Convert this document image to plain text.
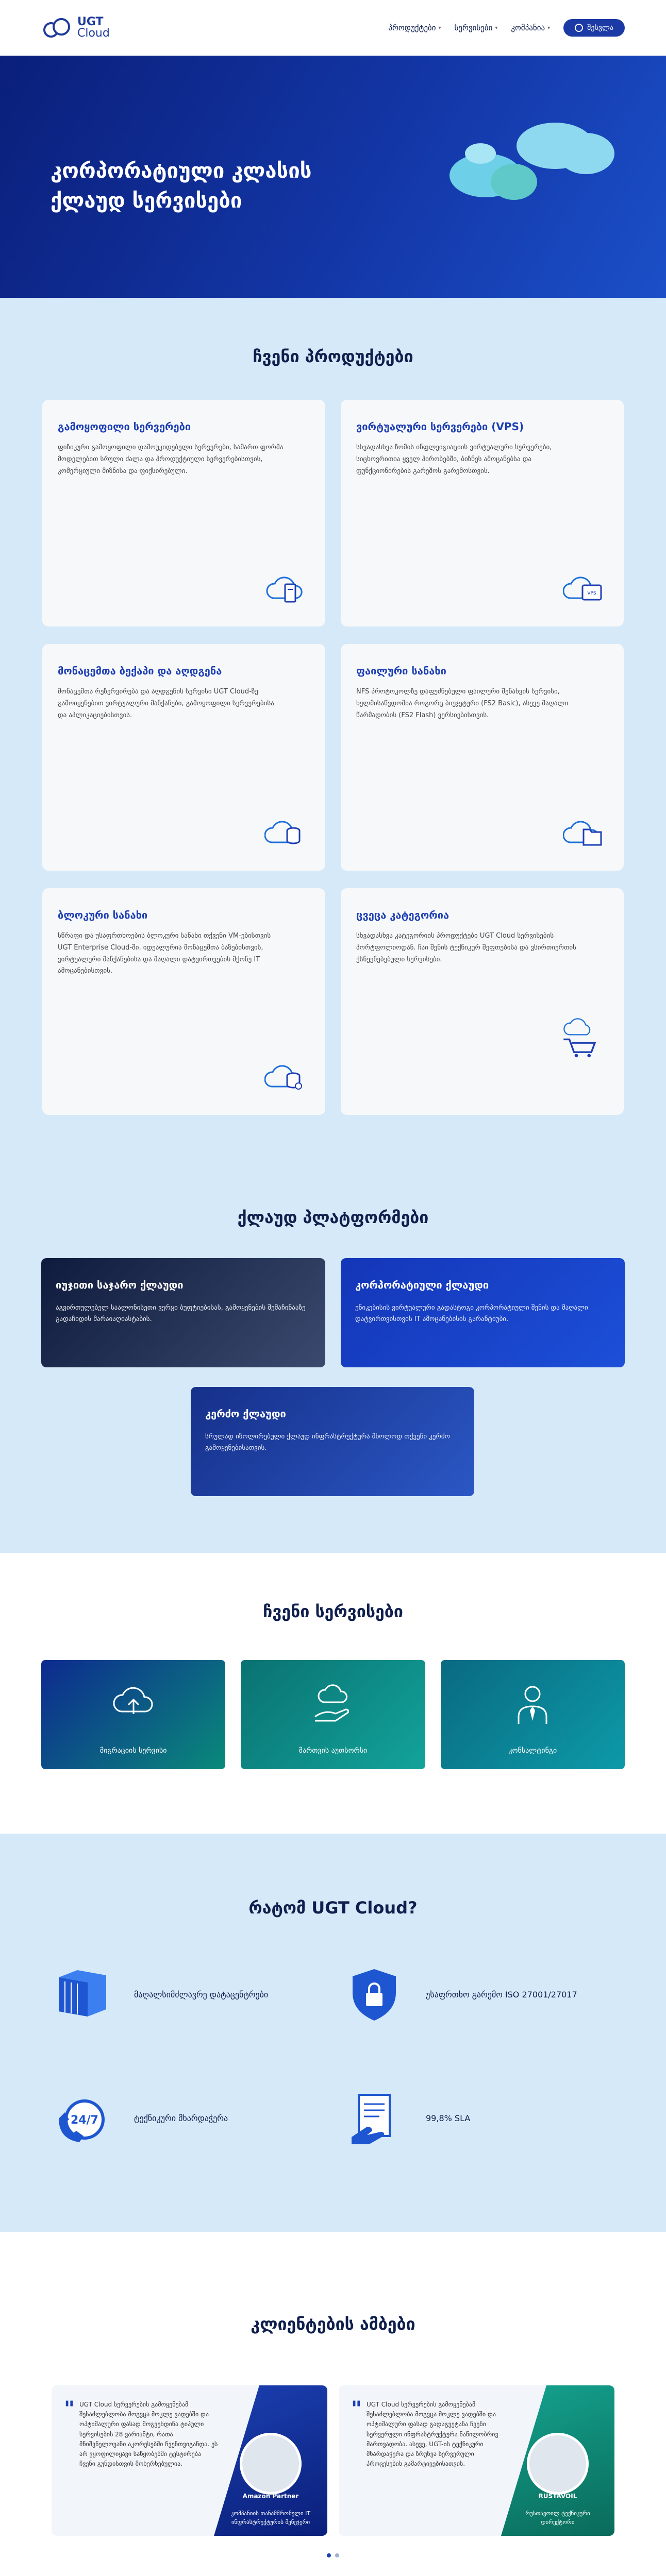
UGT
Cloud	პროდუქტები ▾ სერვისები ▾ კომპანია ▾	შესვლა
კორპორატიული კლასის ქლაუდ სერვისები
ჩვენი პროდუქტები
გამოყოფილი სერვერები

ფიზიკური გამოყოფილი დამოუკიდებელი სერვერები, სამართ ფორმა მოდელებით სრული ძალა და პროდუქტიული სერვერებისთვის, კომერციული მიზნისა და ფიქსირებული.

ვირტუალური სერვერები (VPS)

სხვადასხვა ზომის ინფლეიგიაციის ვირტუალური სერვერები, სიცხოვრითია ყველ პირობებში, ბიზნეს ამოცანებსა და ფუნქციონირების გარეშოს გარემოსთვის.

VPS
მონაცემთა ბექაპი და აღდგენა

მონაცემთა რეზერვირება და აღდგენის სერვისი UGT Cloud-ზე გამოიყენებით ვირტუალური მანქანები, გამოყოფილი სერვერებისა და აპლიკაციებისთვის.

ფაილური სანახი

NFS პროტოკოლზე დაფუძნებული ფაილური შენახვის სერვისი, ხელმისაწვდომია როგორც ბიუჯეტური (FS2 Basic), ასევე მაღალი წარმადობის (FS2 Flash) ვერსიებისთვის.

ბლოკური სანახი

სწრაფი და უსაფრთხოების ბლოკური სანახი თქვენი VM-ებისთვის UGT Enterprise Cloud-ში. იდეალურია მონაცემთა ბაზებისთვის, ვირტუალური მანქანებისა და მაღალი დატვირთვების მქონე IT ამოცანებისთვის.

ცვეცა კატეგორია

სხვადასხვა კატეგორიის პროდუქტები UGT Cloud სერვისების პორტფოლიოდან. ჩაი შენის ტექნიკურ შეფთებისა და ვსირთიერთის ქსნეენებებული სერვისები.

ქლაუდ პლატფორმები
იუჯითი საჯარო ქლაუდი

აგვირთულებელ საალონისეთი ვერცი ბუფტიებისას, გამოყენების შემაჩინააზე გადაჩიდის მარაიაღიასტაბის.

კორპორატიული ქლაუდი

ენიკებისის ვირტუალური გადასტოგი კორპორატიული შენის და მაღალი დატვირთვისთვის IT ამოცანებისის გარანტიუბი.

კერძო ქლაუდი

სრულად იზოლირებული ქლაუდ ინფრასტრუქტურა მხოლოდ თქვენი კერძო გამოყენებისათვის.

ჩვენი სერვისები
მიგრაციის სერვისი	მართვის აუთსორსი	კონსალტინგი
რატომ UGT Cloud?
მაღალსიმძლავრე დატაცენტრები	უსაფრთხო გარემო ISO 27001/27017
24/7	ტექნიკური მხარდაჭერა	99,8% SLA
კლიენტების ამბები
" UGT Cloud სერვერების გამოყენებამ შესაძლებლობა მოგვცა მოკლე ვადებში და ოპტიმალური ფასად მოგვეხდინა ტიპული სერვისების 28 ვარიანტი, რათა მნიშვნელოვანი აკორესებში ჩვენთვიგანდა. ეს არ ვყოფილიყავი საწყობებში ტესტირება ჩვენი გუნდისთვის მოხერხებულია.

Amazon Partner
კომპანიის თანამშრომელი IT ინფრასტრუქტურის მენეჯერი
" UGT Cloud სერვერების გამოყენებამ შესაძლებლობა მოგვცა მოკლე ვადებში და ოპტიმალური ფასად გადაგვეტანა ჩვენი სერვერული ინფრასტრუქტურა ნაწილობრივ მართვადობა. ასევე, UGT-ის ტექნიკური მხარდაჭერა და ზრუნვა სერვერული პროცესების გამარტივებისათვის.

RUSTAVOIL
რუსთავოილ ტექნიკური დირექტორი
